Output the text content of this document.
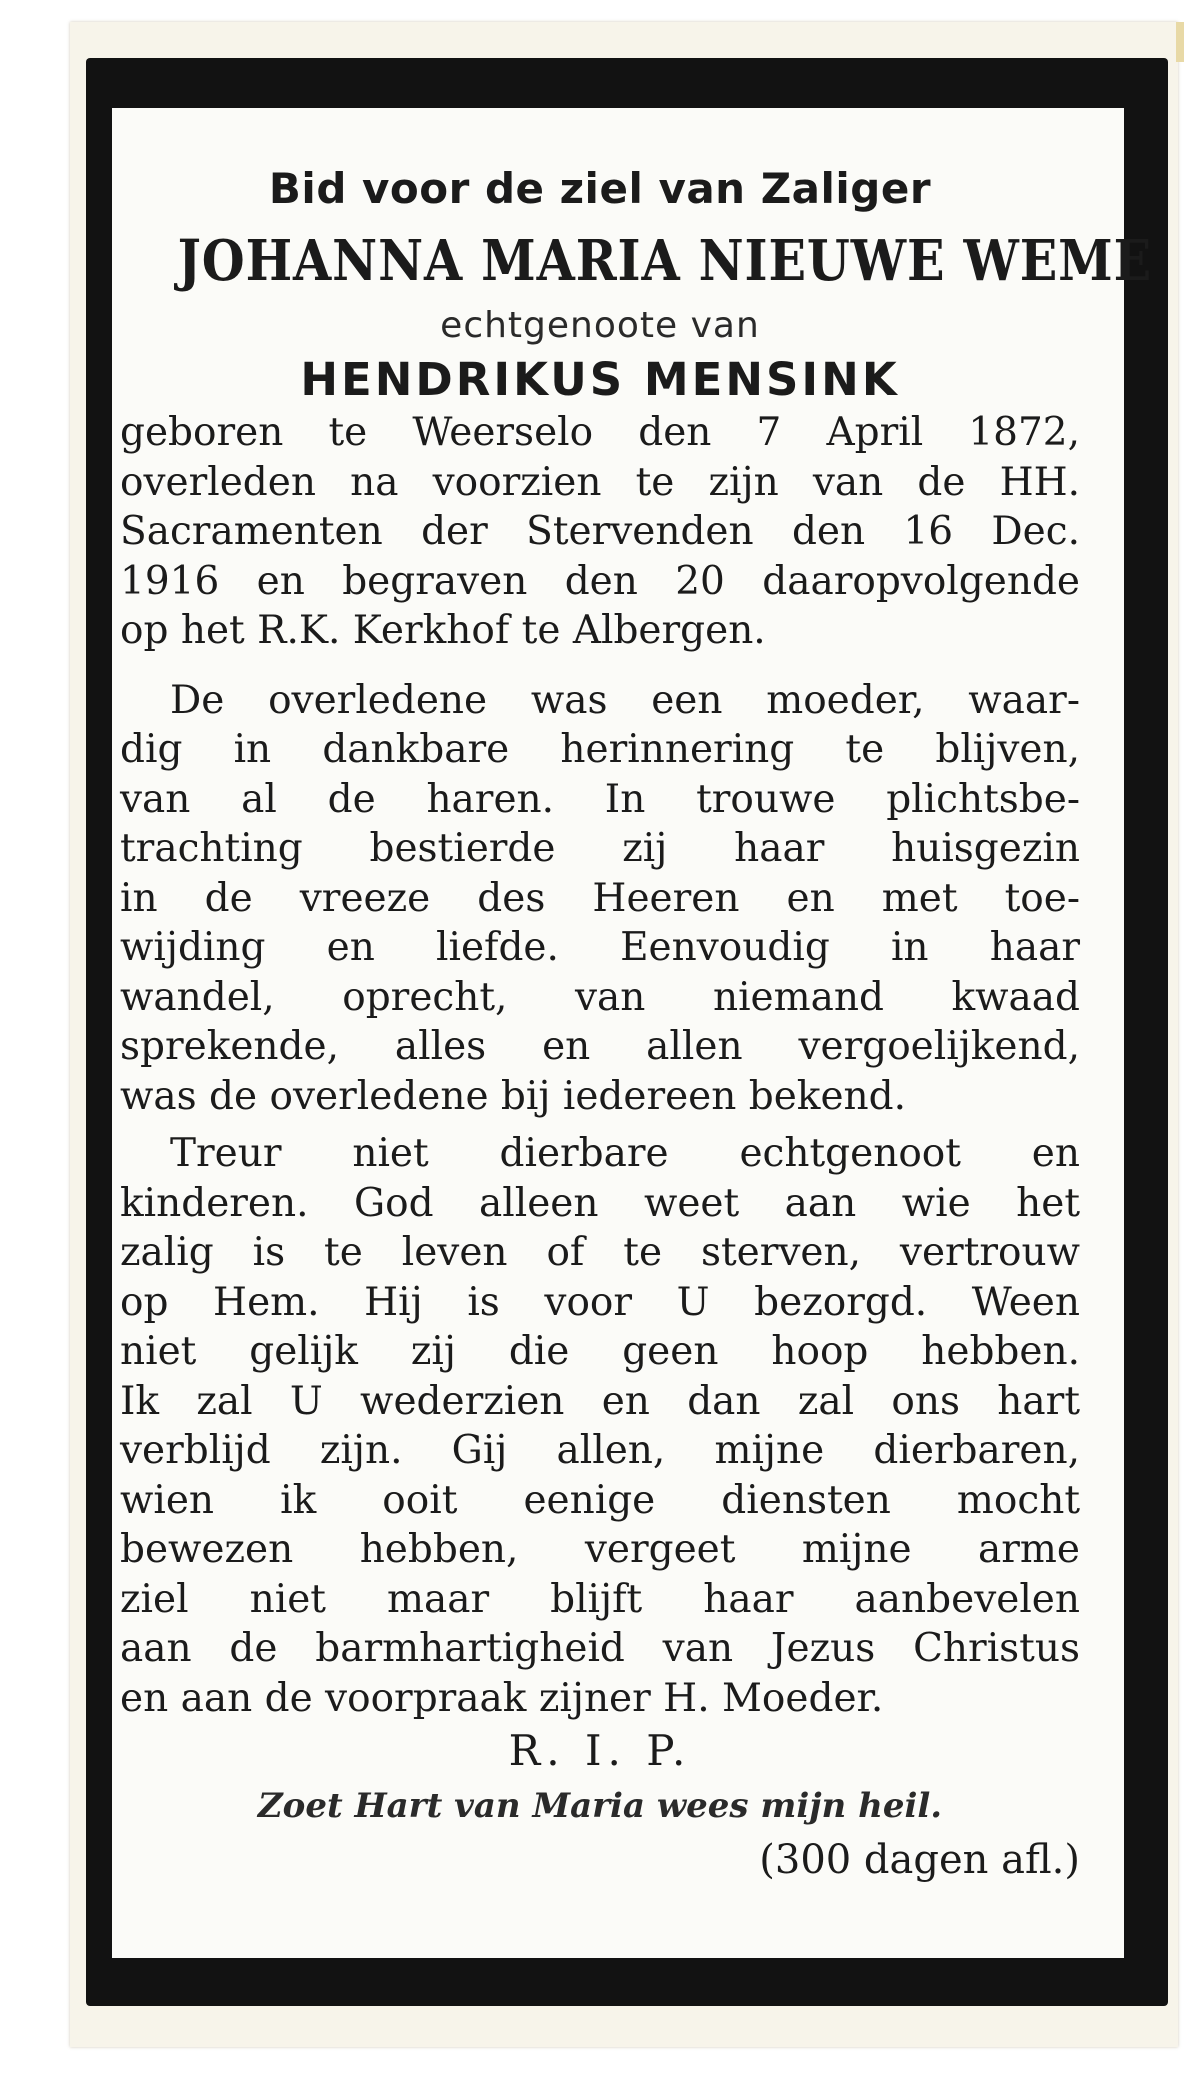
Bid voor de ziel van Zaliger
JOHANNA MARIA NIEUWE WEME
echtgenoote van
HENDRIKUS MENSINK
geboren te Weerselo den 7 April 1872,
overleden na voorzien te zijn van de HH.
Sacramenten der Stervenden den 16 Dec.
1916 en begraven den 20 daaropvolgende
op het R.K. Kerkhof te Albergen.
De overledene was een moeder, waar-
dig in dankbare herinnering te blijven,
van al de haren. In trouwe plichtsbe-
trachting bestierde zij haar huisgezin
in de vreeze des Heeren en met toe-
wijding en liefde. Eenvoudig in haar
wandel, oprecht, van niemand kwaad
sprekende, alles en allen vergoelijkend,
was de overledene bij iedereen bekend.
Treur niet dierbare echtgenoot en
kinderen. God alleen weet aan wie het
zalig is te leven of te sterven, vertrouw
op Hem. Hij is voor U bezorgd. Ween
niet gelijk zij die geen hoop hebben.
Ik zal U wederzien en dan zal ons hart
verblijd zijn. Gij allen, mijne dierbaren,
wien ik ooit eenige diensten mocht
bewezen hebben, vergeet mijne arme
ziel niet maar blijft haar aanbevelen
aan de barmhartigheid van Jezus Christus
en aan de voorpraak zijner H. Moeder.
R. I. P.
Zoet Hart van Maria wees mijn heil.
(300 dagen afl.)
